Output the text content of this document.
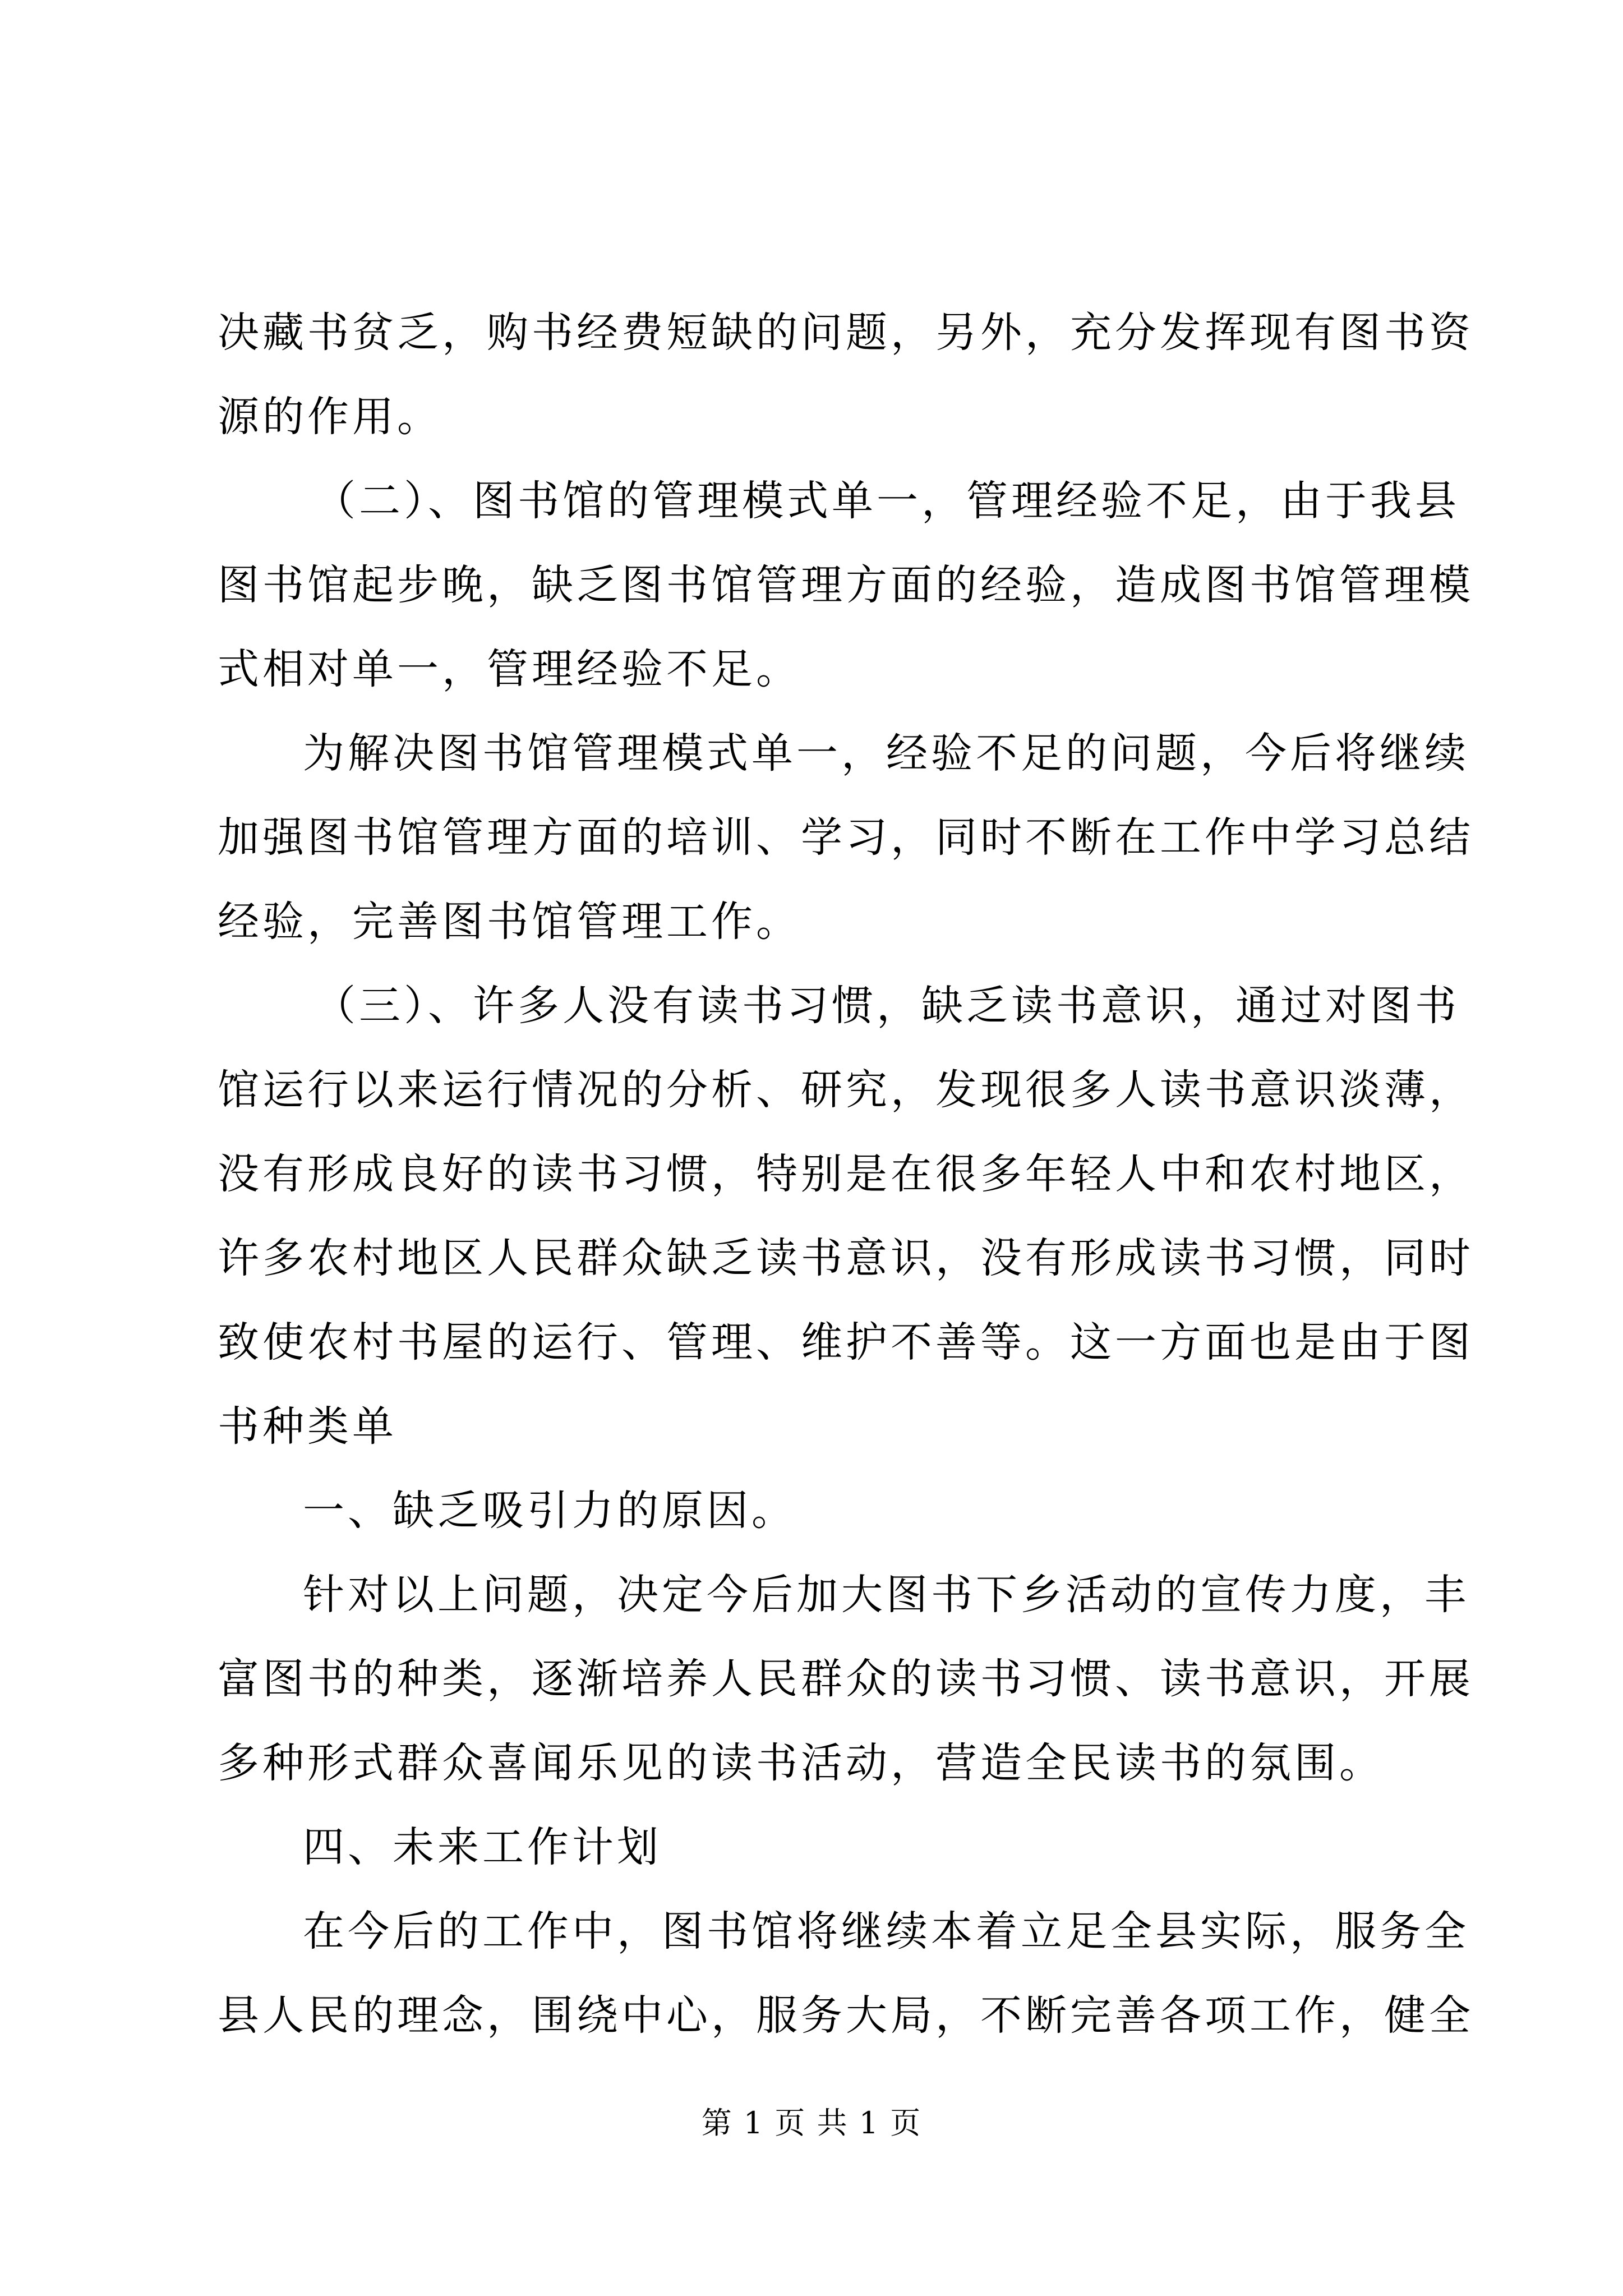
决藏书贫乏，购书经费短缺的问题，另外，充分发挥现有图书资
源的作用。
（二）、图书馆的管理模式单一，管理经验不足，由于我县
图书馆起步晚，缺乏图书馆管理方面的经验，造成图书馆管理模
式相对单一，管理经验不足。
为解决图书馆管理模式单一，经验不足的问题，今后将继续
加强图书馆管理方面的培训、学习，同时不断在工作中学习总结
经验，完善图书馆管理工作。
（三）、许多人没有读书习惯，缺乏读书意识，通过对图书
馆运行以来运行情况的分析、研究，发现很多人读书意识淡薄，
没有形成良好的读书习惯，特别是在很多年轻人中和农村地区，
许多农村地区人民群众缺乏读书意识，没有形成读书习惯，同时
致使农村书屋的运行、管理、维护不善等。这一方面也是由于图
书种类单
一、缺乏吸引力的原因。
针对以上问题，决定今后加大图书下乡活动的宣传力度，丰
富图书的种类，逐渐培养人民群众的读书习惯、读书意识，开展
多种形式群众喜闻乐见的读书活动，营造全民读书的氛围。
四、未来工作计划
在今后的工作中，图书馆将继续本着立足全县实际，服务全
县人民的理念，围绕中心，服务大局，不断完善各项工作，健全
第 1 页 共 1 页
